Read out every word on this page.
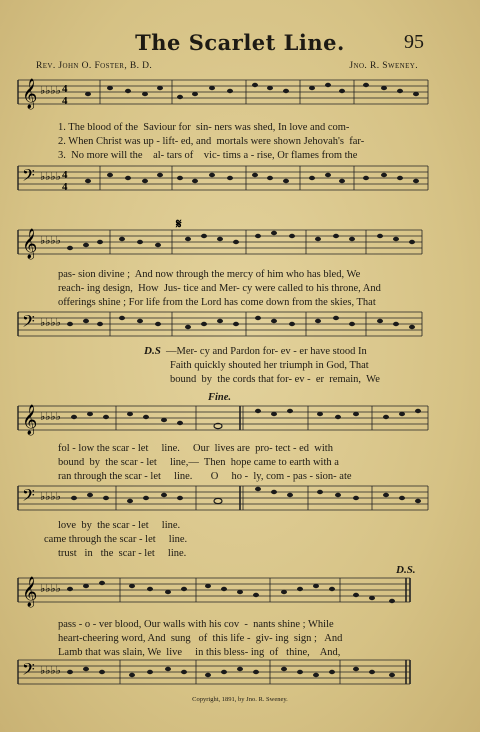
The Scarlet Line.	95
Rev. John O. Foster, B. D.	Jno. R. Sweney.
𝄞 ♭♭♭♭ 4
4
1. The blood of the  Saviour for  sin- ners was shed, In love and com-
2. When Christ was up - lift- ed, and  mortals were shown Jehovah's  far-
3.  No more will the    al- tars of    vic- tims a - rise, Or flames from the
𝄢 ♭♭♭♭ 4
4
𝄞 ♭♭♭♭
𝄋
pas- sion divine ;  And now through the mercy of him who has bled, We
reach- ing design,  How  Jus- tice and Mer- cy were called to his throne, And
offerings shine ; For life from the Lord has come down from the skies, That
𝄢 ♭♭♭♭
D.S —Mer- cy and Pardon for- ev - er have stood In
Faith quickly shouted her triumph in God, That
bound  by  the cords that for- ev -  er  remain,  We
Fine.
𝄞 ♭♭♭♭
fol - low the scar - let     line.     Our  lives are  pro- tect - ed  with
bound  by  the scar - let     line,—  Then  hope came to earth with a
ran through the scar - let     line.       O     ho -  ly, com - pas - sion- ate
𝄢 ♭♭♭♭
love  by  the scar - let     line.
came through the scar - let     line.
trust   in   the  scar - let     line.
D.S.
𝄞 ♭♭♭♭
pass - o - ver blood, Our walls with his cov  -  nants shine ; While
heart-cheering word, And  sung   of  this life -  giv- ing  sign ;   And
Lamb that was slain, We  live     in this bless- ing  of   thine,    And,
𝄢 ♭♭♭♭
Copyright, 1891, by Jno. R. Sweney.
